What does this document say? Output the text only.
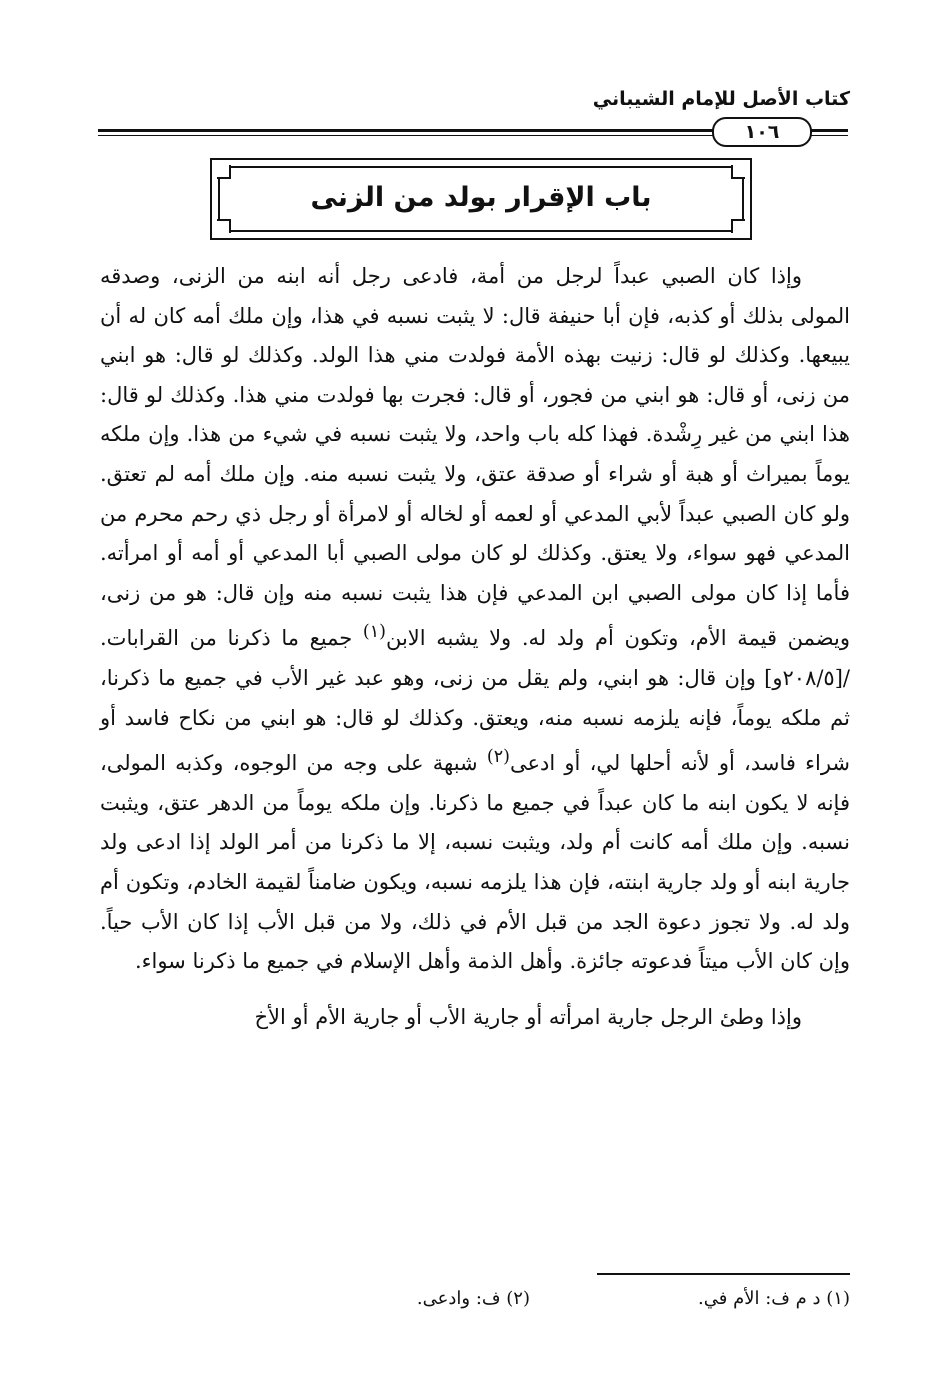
كتاب الأصل للإمام الشيباني
١٠٦
باب الإقرار بولد من الزنى

وإذا كان الصبي عبداً لرجل من أمة، فادعى رجل أنه ابنه من الزنى، وصدقه المولى بذلك أو كذبه، فإن أبا حنيفة قال: لا يثبت نسبه في هذا، وإن ملك أمه كان له أن يبيعها. وكذلك لو قال: زنيت بهذه الأمة فولدت مني هذا الولد. وكذلك لو قال: هو ابني من زنى، أو قال: هو ابني من فجور، أو قال: فجرت بها فولدت مني هذا. وكذلك لو قال: هذا ابني من غير رِشْدة. فهذا كله باب واحد، ولا يثبت نسبه في شيء من هذا. وإن ملكه يوماً بميراث أو هبة أو شراء أو صدقة عتق، ولا يثبت نسبه منه. وإن ملك أمه لم تعتق. ولو كان الصبي عبداً لأبي المدعي أو لعمه أو لخاله أو لامرأة أو رجل ذي رحم محرم من المدعي فهو سواء، ولا يعتق. وكذلك لو كان مولى الصبي أبا المدعي أو أمه أو امرأته. فأما إذا كان مولى الصبي ابن المدعي فإن هذا يثبت نسبه منه وإن قال: هو من زنى، ويضمن قيمة الأم، وتكون أم ولد له. ولا يشبه الابن$^{(١)}$ جميع ما ذكرنا من القرابات. /[٢٠٨/٥و] وإن قال: هو ابني، ولم يقل من زنى، وهو عبد غير الأب في جميع ما ذكرنا، ثم ملكه يوماً، فإنه يلزمه نسبه منه، ويعتق. وكذلك لو قال: هو ابني من نكاح فاسد أو شراء فاسد، أو لأنه أحلها لي، أو ادعى$^{(٢)}$ شبهة على وجه من الوجوه، وكذبه المولى، فإنه لا يكون ابنه ما كان عبداً في جميع ما ذكرنا. وإن ملكه يوماً من الدهر عتق، ويثبت نسبه. وإن ملك أمه كانت أم ولد، ويثبت نسبه، إلا ما ذكرنا من أمر الولد إذا ادعى ولد جارية ابنه أو ولد جارية ابنته، فإن هذا يلزمه نسبه، ويكون ضامناً لقيمة الخادم، وتكون أم ولد له. ولا تجوز دعوة الجد من قبل الأم في ذلك، ولا من قبل الأب إذا كان الأب حياً. وإن كان الأب ميتاً فدعوته جائزة. وأهل الذمة وأهل الإسلام في جميع ما ذكرنا سواء.

وإذا وطئ الرجل جارية امرأته أو جارية الأب أو جارية الأم أو الأخ

(١) د م ف: الأم في.
(٢) ف: وادعى.
